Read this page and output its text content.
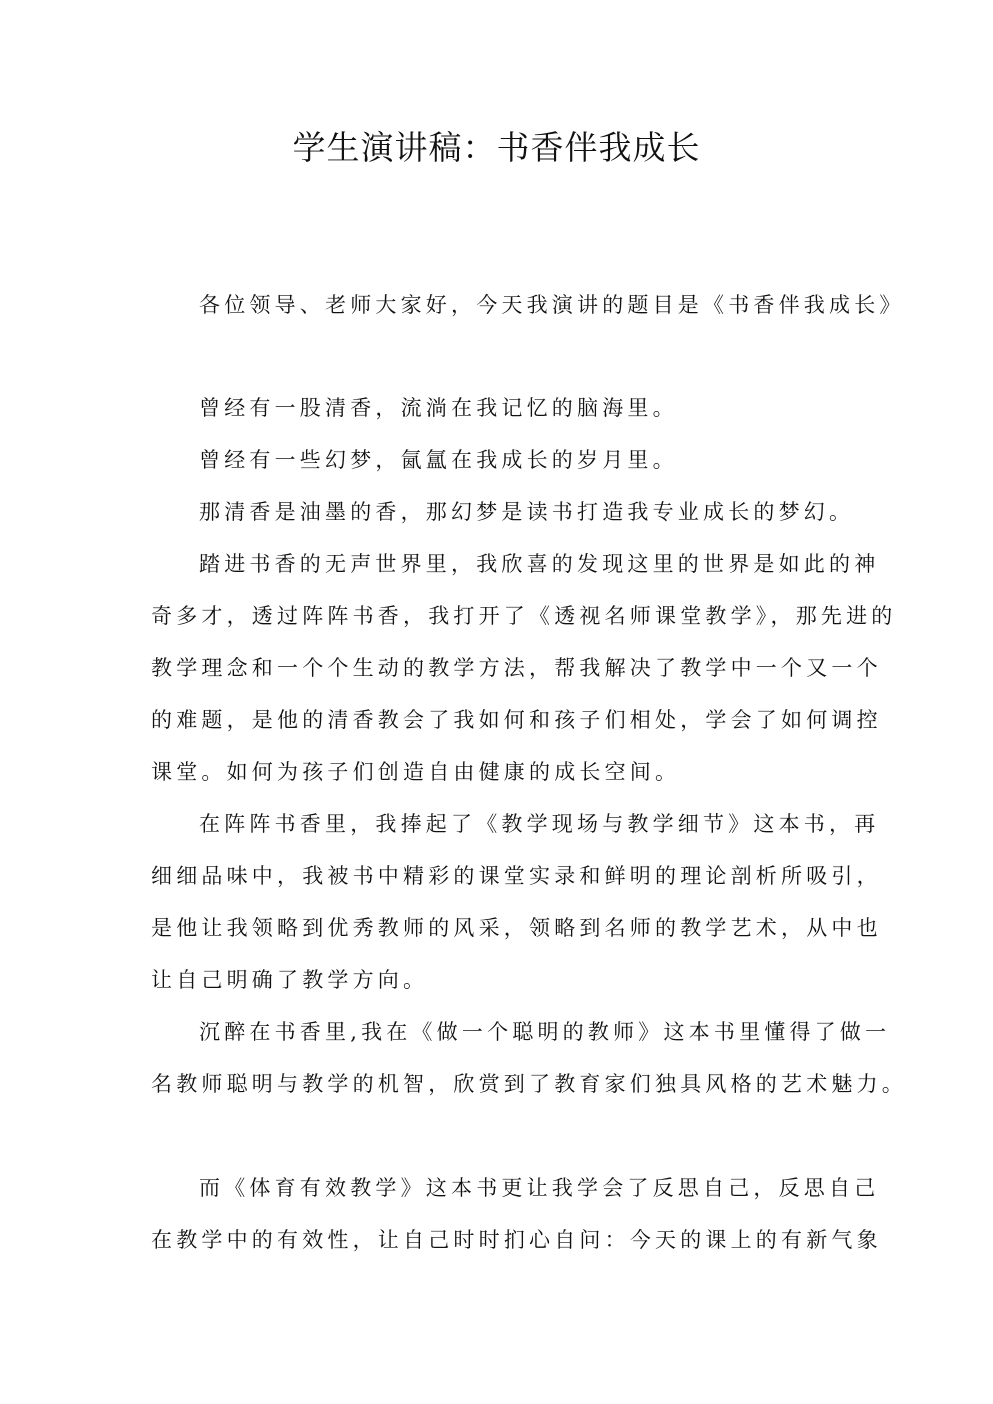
学生演讲稿：书香伴我成长
各位领导、老师大家好，今天我演讲的题目是《书香伴我成长》
曾经有一股清香，流淌在我记忆的脑海里。
曾经有一些幻梦，氤氲在我成长的岁月里。
那清香是油墨的香，那幻梦是读书打造我专业成长的梦幻。
踏进书香的无声世界里，我欣喜的发现这里的世界是如此的神
奇多才，透过阵阵书香，我打开了《透视名师课堂教学》，那先进的
教学理念和一个个生动的教学方法，帮我解决了教学中一个又一个
的难题，是他的清香教会了我如何和孩子们相处，学会了如何调控
课堂。如何为孩子们创造自由健康的成长空间。
在阵阵书香里，我捧起了《教学现场与教学细节》这本书，再
细细品味中，我被书中精彩的课堂实录和鲜明的理论剖析所吸引，
是他让我领略到优秀教师的风采，领略到名师的教学艺术，从中也
让自己明确了教学方向。
沉醉在书香里,我在《做一个聪明的教师》这本书里懂得了做一
名教师聪明与教学的机智，欣赏到了教育家们独具风格的艺术魅力。
而《体育有效教学》这本书更让我学会了反思自己，反思自己
在教学中的有效性，让自己时时扪心自问：今天的课上的有新气象
